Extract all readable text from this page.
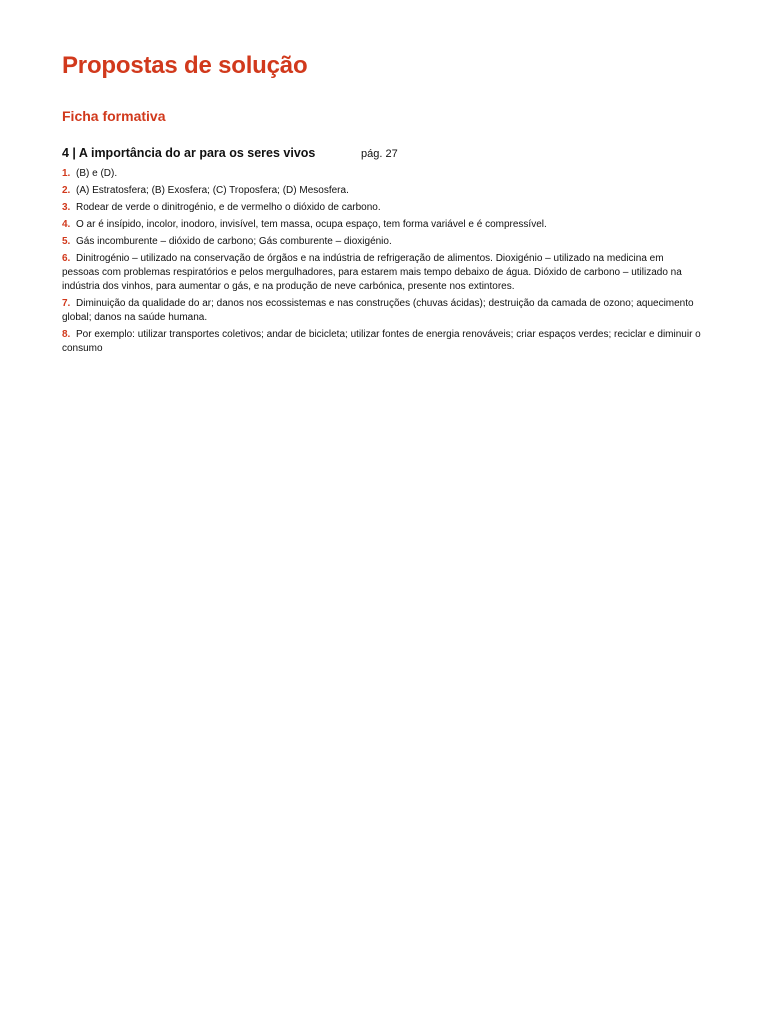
Propostas de solução
Ficha formativa
4 | A importância do ar para os seres vivos	pág. 27
1. (B) e (D).
2. (A) Estratosfera; (B) Exosfera; (C) Troposfera; (D) Mesosfera.
3. Rodear de verde o dinitrogénio, e de vermelho o dióxido de carbono.
4. O ar é insípido, incolor, inodoro, invisível, tem massa, ocupa espaço, tem forma variável e é compressível.
5. Gás incomburente – dióxido de carbono; Gás comburente – dioxigénio.
6. Dinitrogénio – utilizado na conservação de órgãos e na indústria de refrigeração de alimentos. Dioxigénio – utilizado na medicina em pessoas com problemas respiratórios e pelos mergulhadores, para estarem mais tempo debaixo de água. Dióxido de carbono – utilizado na indústria dos vinhos, para aumentar o gás, e na produção de neve carbónica, presente nos extintores.
7. Diminuição da qualidade do ar; danos nos ecossistemas e nas construções (chuvas ácidas); destruição da camada de ozono; aquecimento global; danos na saúde humana.
8. Por exemplo: utilizar transportes coletivos; andar de bicicleta; utilizar fontes de energia renováveis; criar espaços verdes; reciclar e diminuir o consumo
